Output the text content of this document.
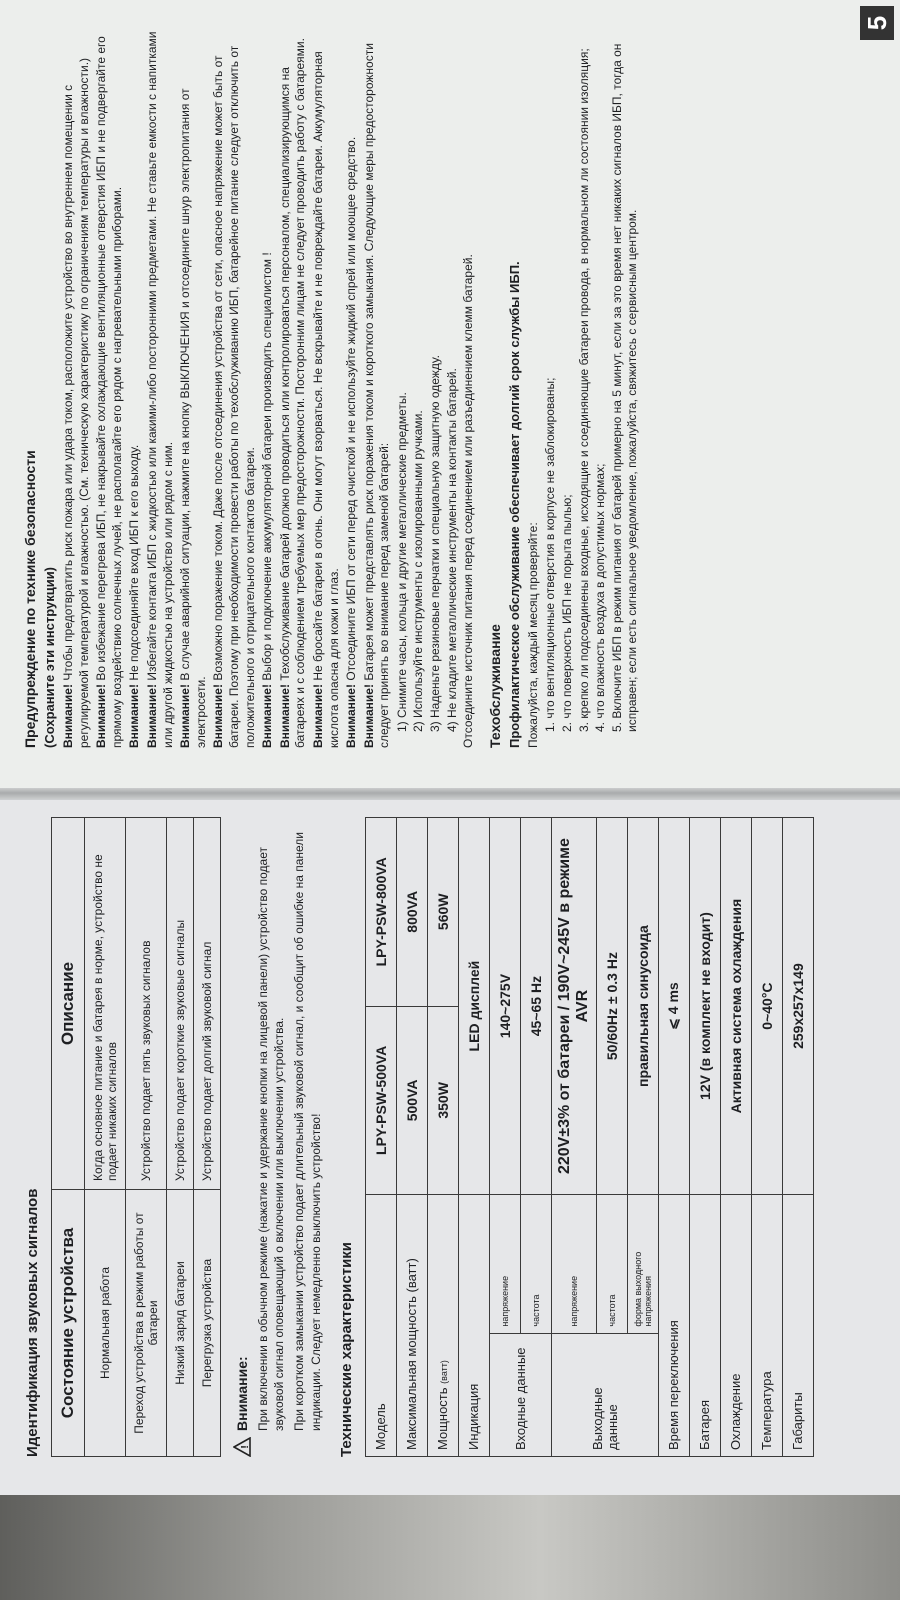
Идентификация звуковых сигналов Состояние устройства	Описание
Нормальная работа	Когда основное питание и батарея в норме, устройство не подает никаких сигналов
Переход устройства в режим работы от батареи	Устройство подает пять звуковых сигналов
Низкий заряд батареи	Устройство подает короткие звуковые сигналы
Перегрузка устройства	Устройство подает долгий звуковой сигнал
!
Внимание: При включении в обычном режиме (нажатие и удержание кнопки на лицевой панели) устройство подает звуковой сигнал оповещающий о включении или выключении устройства. При коротком замыкании устройство подает длительный звуковой сигнал, и сообщит об ошибке на панели индикации. Следует немедленно выключить устройство! Технические характеристики Модель		LPY-PSW-500VA	LPY-PSW-800VA
Максимальная мощность (ватт)		500VA	800VA
Мощность (ватт)		350W	560W
Индикация		LED дисплей	
Входные данные	напряжение	140~275V	
	частота	45~65 Hz	
Выходные данные	напряжение	220V±3% от батареи / 190V~245V в режиме AVR	
	частота	50/60Hz ± 0.3 Hz	
	форма выходного напряжения	правильная синусоида	
Время переключения		⩽ 4 ms	
Батарея		12V (в комплект не входит)	
Охлаждение		Активная система охлаждения	
Температура		0~40°C	
Габариты		259x257x149	
Предупреждение по технике безопасности (Сохраните эти инструкции) Внимание! Чтобы предотвратить риск пожара или удара током, расположите устройство во внутреннем помещении с регулируемой температурой и влажностью. (См. техническую характеристику по ограничениям температуры и влажности.) Внимание! Во избежание перегрева ИБП, не накрывайте охлаждающие вентиляционные отверстия ИБП и не подвергайте его прямому воздействию солнечных лучей, не располагайте его рядом с нагревательными приборами. Внимание! Не подсоединяйте вход ИБП к его выходу.

Внимание! Избегайте контакта ИБП с жидкостью или какими-либо посторонними предметами. Не ставьте емкости с напитками или другой жидкостью на устройство или рядом с ним. Внимание! В случае аварийной ситуации, нажмите на кнопку ВЫКЛЮЧЕНИЯ и отсоедините шнур электропитания от электросети. Внимание! Возможно поражение током. Даже после отсоединения устройства от сети, опасное напряжение может быть от батареи. Поэтому при необходимости провести работы по техобслуживанию ИБП, батарейное питание следует отключить от положительного и отрицательного контактов батареи. Внимание! Выбор и подключение аккумуляторной батареи производить специалистом !

Внимание! Техобслуживание батарей должно проводиться или контролироваться персоналом, специализирующимся на батареях и с соблюдением требуемых мер предосторожности. Посторонним лицам не следует проводить работу с батареями. Внимание! Не бросайте батареи в огонь. Они могут взорваться. Не вскрывайте и не повреждайте батареи. Аккумуляторная кислота опасна для кожи и глаз. Внимание! Отсоедините ИБП от сети перед очисткой и не используйте жидкий спрей или моющее средство.

Внимание! Батарея может представлять риск поражения током и короткого замыкания. Следующие меры предосторожности следует принять во внимание перед заменой батарей: 1) Снимите часы, кольца и другие металлические предметы. 2) Используйте инструменты с изолированными ручками. 3) Наденьте резиновые перчатки и специальную защитную одежду. 4) Не кладите металлические инструменты на контакты батарей. Отсоедините источник питания перед соединением или разъединением клемм батарей. Техобслуживание Профилактическое обслуживание обеспечивает долгий срок службы ИБП. Пожалуйста, каждый месяц проверяйте: 1. что вентиляционные отверстия в корпусе не заблокированы; 2. что поверхность ИБП не порыта пылью; 3. крепко ли подсоединены входные, исходящие и соединяющие батареи провода, в нормальном ли состоянии изоляция; 4. что влажность воздуха в допустимых нормах; 5. Включите ИБП в режим питания от батарей примерно на 5 минут, если за это время нет никаких сигналов ИБП, тогда он исправен; если есть сигнальное уведомление, пожалуйста, свяжитесь с сервисным центром.

5
